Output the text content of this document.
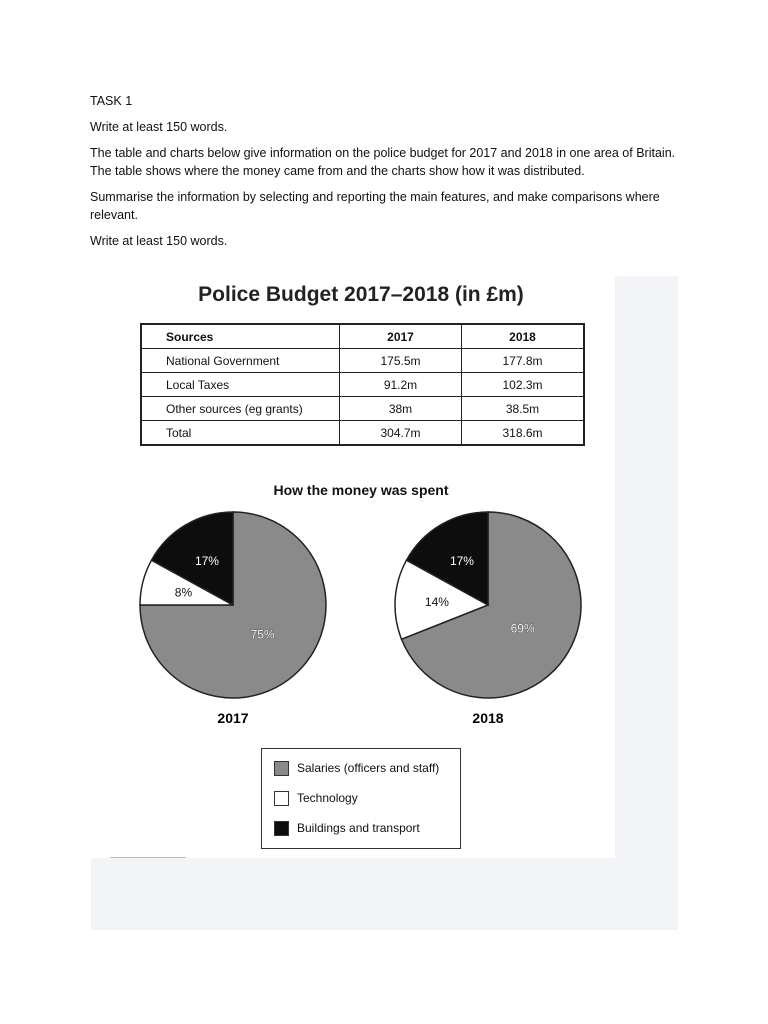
TASK 1

Write at least 150 words.

The table and charts below give information on the police budget for 2017 and 2018 in one area of Britain. The table shows where the money came from and the charts show how it was distributed.

Summarise the information by selecting and reporting the main features, and make comparisons where relevant.

Write at least 150 words.

Police Budget 2017–2018 (in £m)
Sources	2017	2018
National Government	175.5m	177.8m
Local Taxes	91.2m	102.3m
Other sources (eg grants)	38m	38.5m
Total	304.7m	318.6m
How the money was spent
75%
8%
17%
2017
69%
14%
17%
2018
Salaries (officers and staff)
Technology
Buildings and transport
